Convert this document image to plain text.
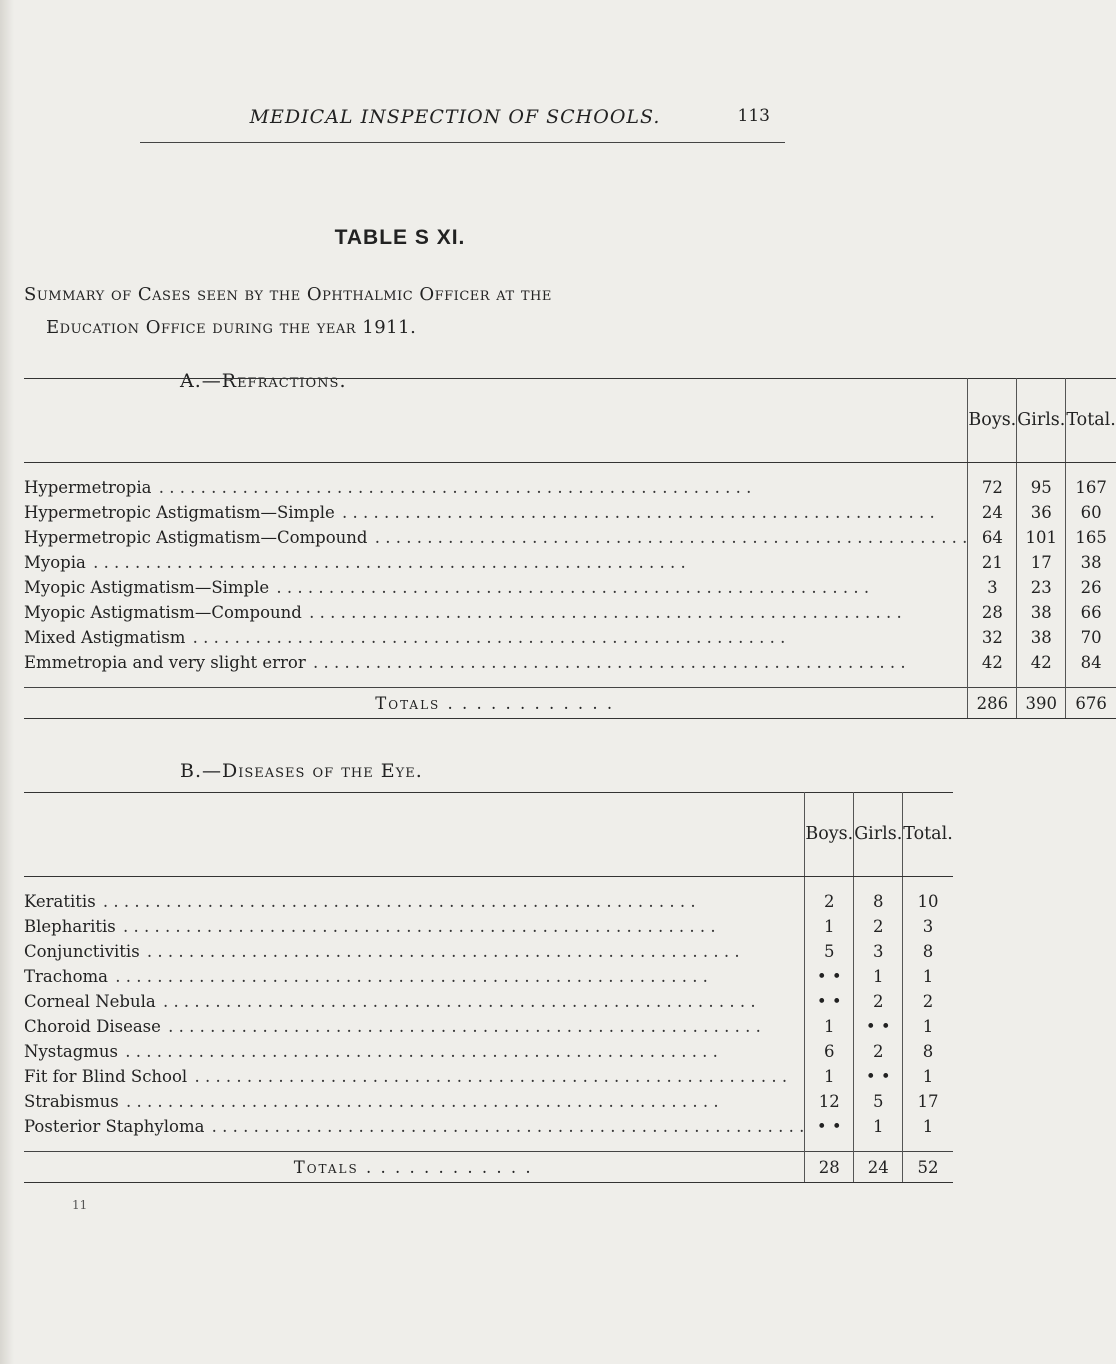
MEDICAL INSPECTION OF SCHOOLS.	113
TABLE S XI.
Summary of Cases seen by the Ophthalmic Officer at the
Education Office during the year 1911.
A.—Refractions.

	Boys.	Girls.	Total.

Hypermetropia . . .	72	95	167
Hypermetropic Astigmatism—Simple . . .	24	36	60
Hypermetropic Astigmatism—Compound . . .	64	101	165
Myopia . . .	21	17	38
Myopic Astigmatism—Simple . . .	3	23	26
Myopic Astigmatism—Compound . . .	28	38	66
Mixed Astigmatism . . .	32	38	70
Emmetropia and very slight error . . .	42	42	84

Totals . . . . . . . . . . . .	286	390	676
B.—Diseases of the Eye.

	Boys.	Girls.	Total.

Keratitis . . .	2	8	10
Blepharitis . . .	1	2	3
Conjunctivitis . . .	5	3	8
Trachoma . . .	• •	1	1
Corneal Nebula . . .	• •	2	2
Choroid Disease . . .	1	• •	1
Nystagmus . . .	6	2	8
Fit for Blind School . . .	1	• •	1
Strabismus . . .	12	5	17
Posterior Staphyloma . . .	• •	1	1

Totals . . . . . . . . . . . .	28	24	52
11
